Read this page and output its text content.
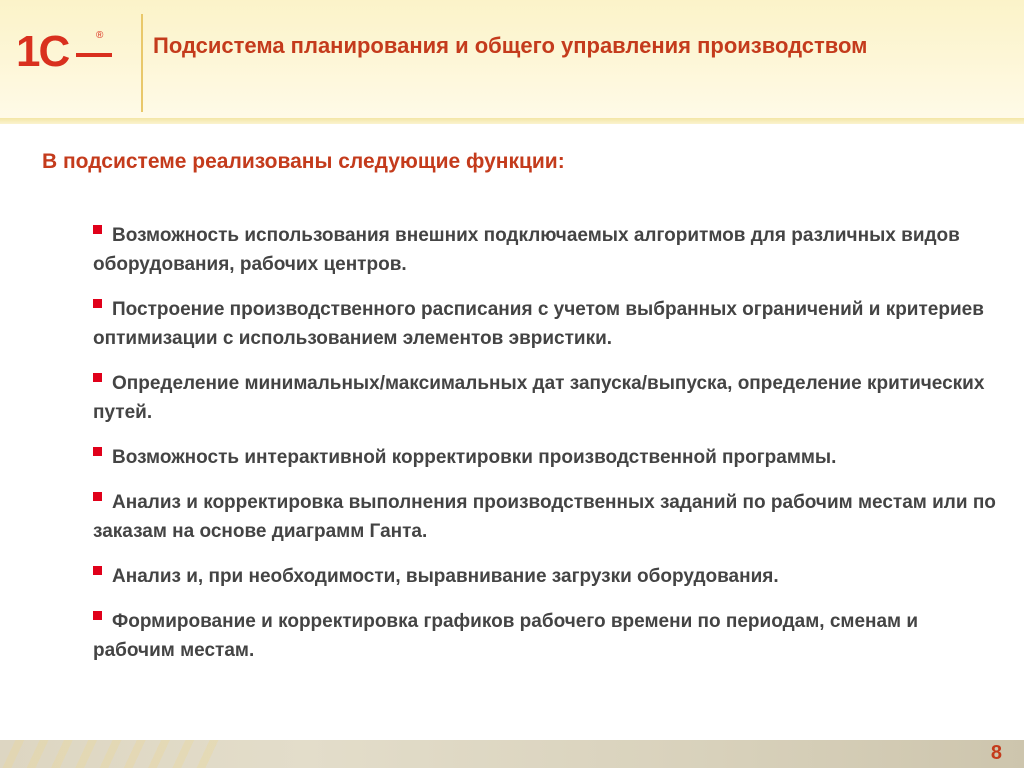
1С	® Подсистема планирования и общего управления производством
В подсистеме реализованы следующие функции:
Возможность использования внешних подключаемых алгоритмов для различных видов оборудования, рабочих центров.
Построение производственного расписания с учетом выбранных ограничений и критериев оптимизации с использованием элементов эвристики.
Определение минимальных/максимальных дат запуска/выпуска, определение критических путей.
Возможность интерактивной корректировки производственной программы.
Анализ и корректировка выполнения производственных заданий по рабочим местам или по заказам на основе диаграмм Ганта.
Анализ и, при необходимости, выравнивание загрузки оборудования.
Формирование и корректировка графиков рабочего времени по периодам, сменам и рабочим местам.

8
